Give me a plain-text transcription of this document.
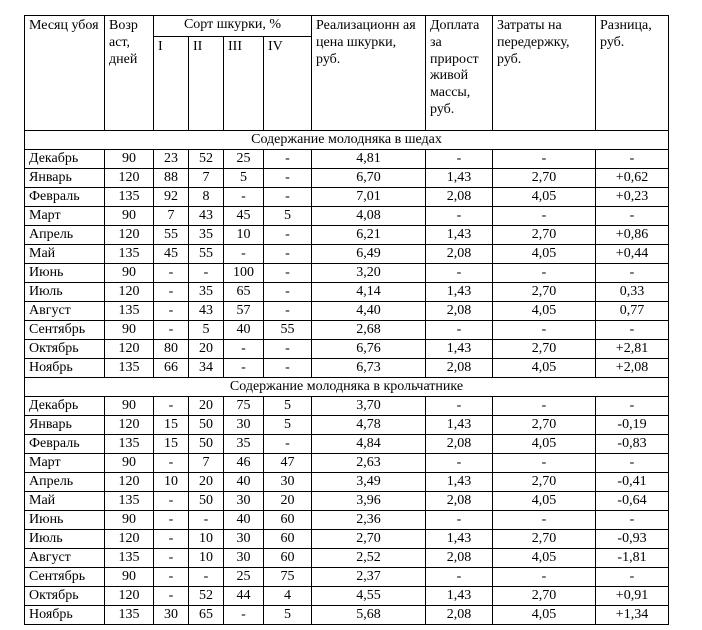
Месяц убоя	Возр аст, дней	Сорт шкурки, %				Реализационн ая цена шкурки, руб.	Доплата за прирост живой массы, руб.	Затраты на передержку, руб.	Разница, руб.
		I	II	III	IV				
Содержание молодняка в шедах									
Декабрь	90	23	52	25	-	4,81	-	-	-
Январь	120	88	7	5	-	6,70	1,43	2,70	+0,62
Февраль	135	92	8	-	-	7,01	2,08	4,05	+0,23
Март	90	7	43	45	5	4,08	-	-	-
Апрель	120	55	35	10	-	6,21	1,43	2,70	+0,86
Май	135	45	55	-	-	6,49	2,08	4,05	+0,44
Июнь	90	-	-	100	-	3,20	-	-	-
Июль	120	-	35	65	-	4,14	1,43	2,70	0,33
Август	135	-	43	57	-	4,40	2,08	4,05	0,77
Сентябрь	90	-	5	40	55	2,68	-	-	-
Октябрь	120	80	20	-	-	6,76	1,43	2,70	+2,81
Ноябрь	135	66	34	-	-	6,73	2,08	4,05	+2,08
Содержание молодняка в крольчатнике									
Декабрь	90	-	20	75	5	3,70	-	-	-
Январь	120	15	50	30	5	4,78	1,43	2,70	-0,19
Февраль	135	15	50	35	-	4,84	2,08	4,05	-0,83
Март	90	-	7	46	47	2,63	-	-	-
Апрель	120	10	20	40	30	3,49	1,43	2,70	-0,41
Май	135	-	50	30	20	3,96	2,08	4,05	-0,64
Июнь	90	-	-	40	60	2,36	-	-	-
Июль	120	-	10	30	60	2,70	1,43	2,70	-0,93
Август	135	-	10	30	60	2,52	2,08	4,05	-1,81
Сентябрь	90	-	-	25	75	2,37	-	-	-
Октябрь	120	-	52	44	4	4,55	1,43	2,70	+0,91
Ноябрь	135	30	65	-	5	5,68	2,08	4,05	+1,34
